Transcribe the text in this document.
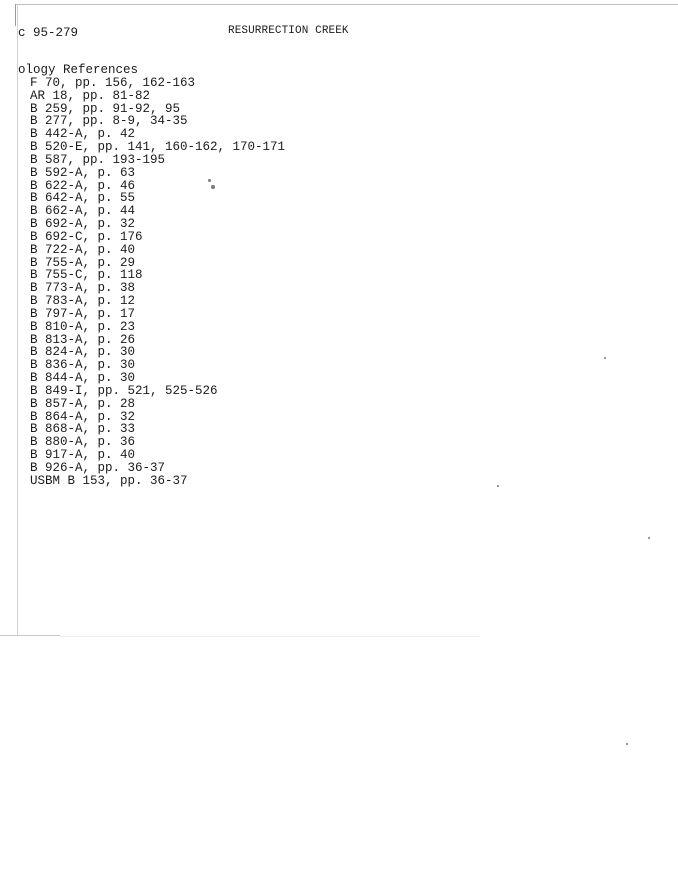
c 95-279	RESURRECTION CREEK
ology References
F 70, pp. 156, 162-163
AR 18, pp. 81-82
B 259, pp. 91-92, 95
B 277, pp. 8-9, 34-35
B 442-A, p. 42
B 520-E, pp. 141, 160-162, 170-171
B 587, pp. 193-195
B 592-A, p. 63
B 622-A, p. 46
B 642-A, p. 55
B 662-A, p. 44
B 692-A, p. 32
B 692-C, p. 176
B 722-A, p. 40
B 755-A, p. 29
B 755-C, p. 118
B 773-A, p. 38
B 783-A, p. 12
B 797-A, p. 17
B 810-A, p. 23
B 813-A, p. 26
B 824-A, p. 30
B 836-A, p. 30
B 844-A, p. 30
B 849-I, pp. 521, 525-526
B 857-A, p. 28
B 864-A, p. 32
B 868-A, p. 33
B 880-A, p. 36
B 917-A, p. 40
B 926-A, pp. 36-37
USBM B 153, pp. 36-37
